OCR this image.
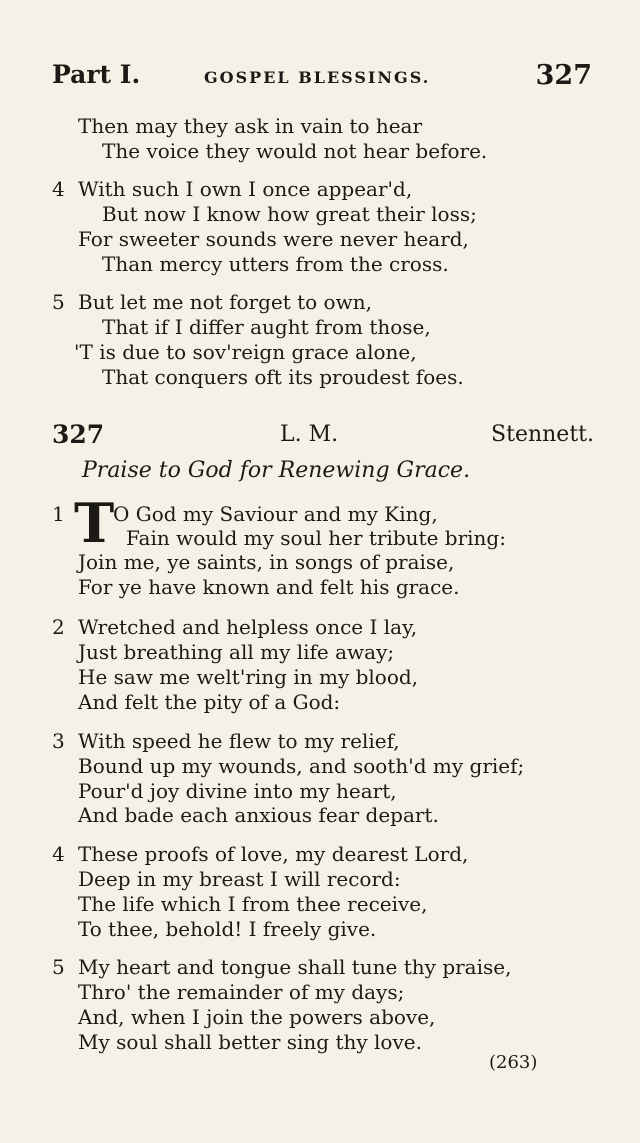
Part I.	GOSPEL BLESSINGS.	327
Then may they ask in vain to hear
The voice they would not hear before.
4 With such I own I once appear'd,
But now I know how great their loss;
For sweeter sounds were never heard,
Than mercy utters from the cross.
5 But let me not forget to own,
That if I differ aught from those,
'T is due to sov'reign grace alone,
That conquers oft its proudest foes.
327	L. M.	Stennett.
Praise to God for Renewing Grace.
1 T
O God my Saviour and my King,
Fain would my soul her tribute bring:
Join me, ye saints, in songs of praise,
For ye have known and felt his grace.
2 Wretched and helpless once I lay,
Just breathing all my life away;
He saw me welt'ring in my blood,
And felt the pity of a God:
3 With speed he flew to my relief,
Bound up my wounds, and sooth'd my grief;
Pour'd joy divine into my heart,
And bade each anxious fear depart.
4 These proofs of love, my dearest Lord,
Deep in my breast I will record:
The life which I from thee receive,
To thee, behold! I freely give.
5 My heart and tongue shall tune thy praise,
Thro' the remainder of my days;
And, when I join the powers above,
My soul shall better sing thy love.
(263)
